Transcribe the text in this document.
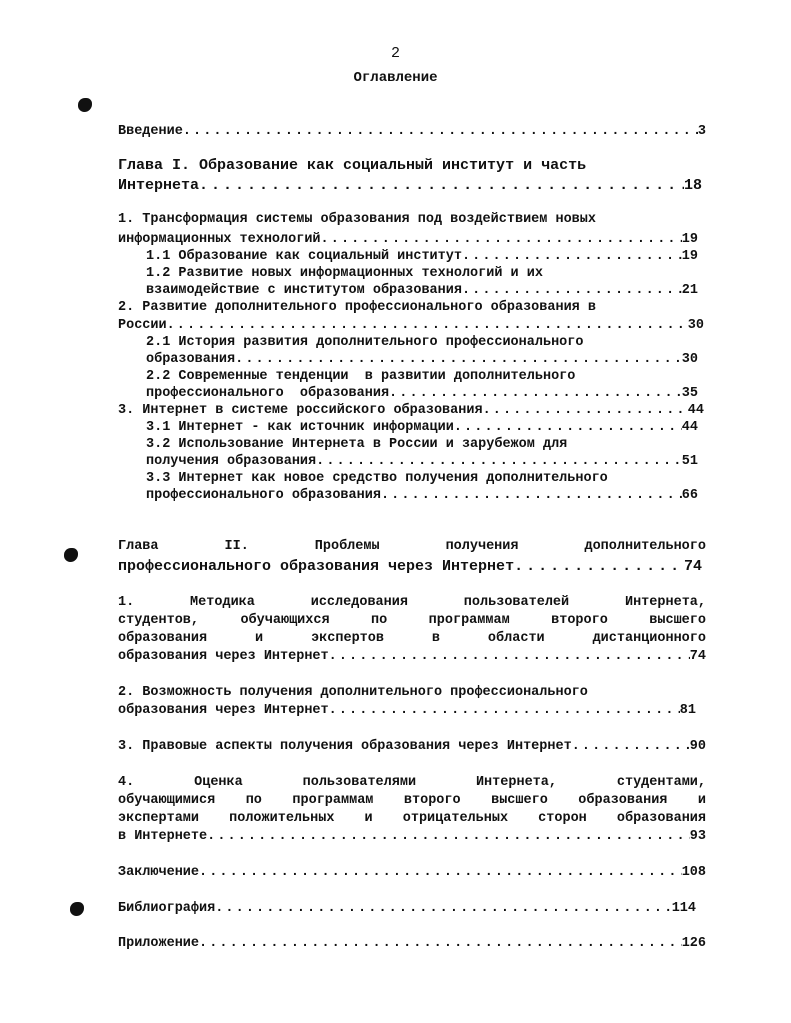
2
Оглавление
Введение . . .	3
Глава I. Образование как социальный институт и часть
Интернета . . .	18
1. Трансформация системы образования под воздействием новых
информационных технологий . . .	19
1.1 Образование как социальный институт . . .	19
1.2 Развитие новых информационных технологий и их
взаимодействие с институтом образования . . .	21
2. Развитие дополнительного профессионального образования в
России . . .	30
2.1 История развития дополнительного профессионального
образования . . .	30
2.2 Современные тенденции  в развитии дополнительного
профессионального  образования . . .	35
3. Интернет в системе российского образования . . .	44
3.1 Интернет - как источник информации . . .	44
3.2 Использование Интернета в России и зарубежом для
получения образования . . .	51
3.3 Интернет как новое средство получения дополнительного
профессионального образования . . .	66
Глава II. Проблемы получения дополнительного
профессионального образования через Интернет . . .	74
1. Методика исследования пользователей Интернета,
студентов, обучающихся по программам второго высшего
образования и экспертов в области дистанционного
образования через Интернет . . .	74
2. Возможность получения дополнительного профессионального
образования через Интернет . . .	81
3. Правовые аспекты получения образования через Интернет . . .	90
4. Оценка пользователями Интернета, студентами,
обучающимися по программам второго высшего образования и
экспертами положительных и отрицательных сторон образования
в Интернете . . .	93
Заключение . . .	108
Библиография . . .	114
Приложение . . .	126
